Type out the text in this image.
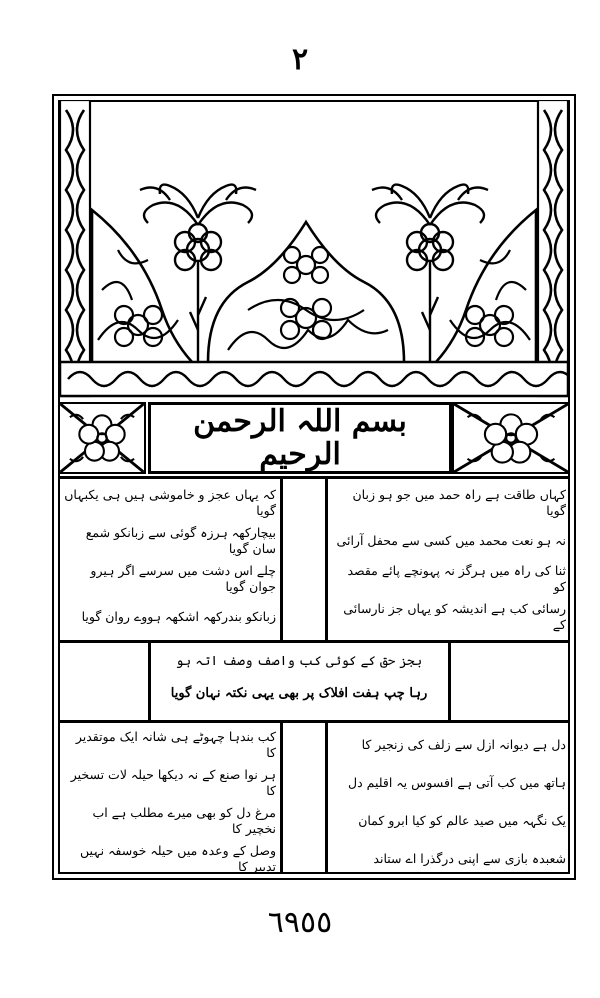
۲
بسم اللہ الرحمن الرحیم
کہاں طاقت ہے راہ حمد میں جو ہو زبان گویا
نہ ہو نعت محمد میں کسی سے محفل آرائی
ثنا کی راہ میں ہرگز نہ پہونچے پائے مقصد کو
رسائی کب ہے اندیشہ کو یہاں جز نارسائی کے
کہ یہاں عجز و خاموشی ہیں ہی یکبہاں گویا
بیچارکھہ ہرزہ گوئی سے زبانکو شمع سان گویا
چلے اس دشت میں سرسے اگر ہیرو جوان گویا
زبانکو بندرکھہ اشکھہ ہووے روان گویا
بجز حق کے کوئی کب واصف وصف اتہ ہو
رہا چپ ہفت افلاک پر بھی یہی نکتہ نہان گویا
دل ہے دیوانہ ازل سے زلف کی زنجیر کا
ہاتھ میں کب آتی ہے افسوس یہ اقلیم دل
یک نگہہ میں صید عالم کو کیا ابرو کمان
شعبدہ بازی سے اپنی درگذرا اے ستاند
کب بندہا چہوٹے ہی شانہ ایک موتقدیر کا
ہر نوا صنع کے نہ دیکھا حیلہ لات تسخیر کا
مرغ دل کو بھی میرے مطلب ہے اب نخچیر کا
وصل کے وعدہ میں حیلہ خوسفہ نہیں تدبیر کا
٦٩٥٥
